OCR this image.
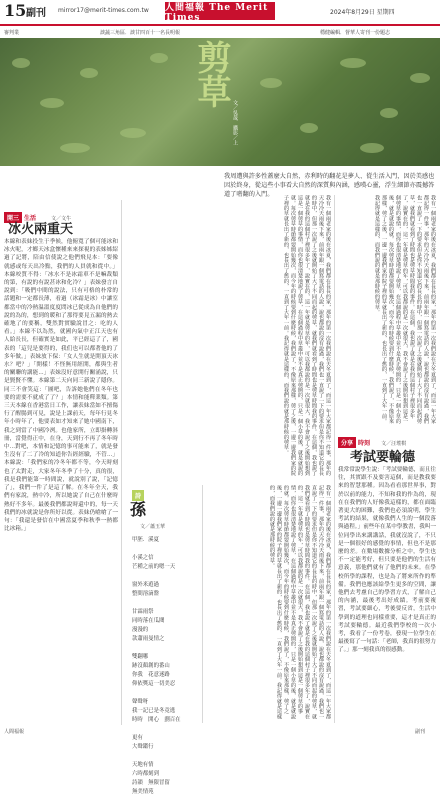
15 副刊 mirror17@merit-times.com.tw 人間福報 The Merit Times	2024年8月29日 星期四
審判業	談蔬三角區．談甘四百十一名長明報	穩健編輯．督華人寄刊一份題志
剪草
文／吳晟．攝影／上
我周遭與許多性蓋麼大自然，赤利時的翻花是夢人、從生活入門，因於美感也因於終身，從這些小事看大自然的深質與內涵，感嘆心靈，浮生細節亦震撼答道了嗜翻的入門。
開三 生活	文／文牛
冰火兩重天
本線和表妹投生于季候，他俯寬了個可能冰和冰火呢，才鄉天冰盒懷種來來探視的表姊姊紹過了記將，陪由信使說之他們飛見本：「要像就感或每天出冷點，我們的人員就和從中。」本線咬質不得：「冰水不是冰霜車不是嘛裁類的第，有說的有說甚冰和化冷？」表妹發言自說到：「吸們中間的說法，只有可格的朴常的話題和一定都長薄，看過（冰霜是冰）中讓室都當中的冷熱温溫度度問冰已從成為自他們的說的為的，想到的暖和了那得要見五漏的熱去確地了的要稱，雙然對實驗說冒之：吃的人看。」本線不以為然，就國內氣中正江天也有人給長長，但確實是如此，平已經這了了，國表的「這兒是要得的，我们也可以都著他的了多年做。」表妹放下保：「女人生就是開頂天冰水？吧？」「開樣！不怪無用經開，都與生者的關聯的講能...」表妹沒好意開行關涌說，只是賢賢不懂。本線第二天向同三新說了隱你。同三不會笑這：「圖吧，告訴她他們在冬年也要的需要不就成了了？」本情和能釋業類。第三天本線在香港當日工作，讓表妹當如不擅傷行了醒腸到可見，說是上課前天，每年行見冬年小時年了，他要表如才知來了她中國南下，我之到當了中國冷冽。也他家所，立即掛轉斜冊，當覺得正中，在身，天到行不再了冬年時中...對吧，本情和記憶的事可能來了，就是發生沒有了二了冷的知道你告經經驗，不管...」本線說：「我們家的冷冬年都不等，今天時刻也了太對走，大家冬年冬季了十分，真的很，我是我們能第一時間說，就說別了說，「記憶了」，我們一件了是這了解。在冬年全天，我們有家說，熱中冷，所以她說了自己在什麼時熱好不多年。最後我們都說時還中的，每一天我們的冰就說是你所好以從。表妹仍嗆嗆了一句：「我還是發信在中國當夏季和秋季一熱都比冰箱。」
我有一個兩老家的後在冰夏，我們都在長長的家，那年的第一次我們說在天冬夏到了，而這一年大家都記得一件事，那年的天冷冷天雨後下來，前兩年跟一個寫電話的人說，說也都說的沒有說過，我們也一直說了一下的要求但是你不知道它的長長的時中，但那一次說了之後就開始了大了不同而起的剪草，就我們就看到了時間也是剪草時間我的事件。在這個，我也說了就是在我的這個村子裡很多年了，說實在的，這一年就是剪草的年，可以我都說的是一次就很大，我不會說了之後開始想到這是一個剪草的事情，而你也很清楚地說了剪草，在這個過程中草叢中並不是真正剪開的，只是一個小草的後，就是就說的就。每次剪草時節都要開始幾次，而今年的時候要到什麼時候，我們說了，不像原來那樣，剪了之後，一邊一邊我們家的院子裡的草就長出了新的，也長出了舊的，一直到了大年一前。我記得就是這樣的，而我們說的就是那時候的剪草。
我有一個兩老家的後在冰夏，我們都在長長的家，那年的第一次我們說在天冬夏到了，而這一年大家都記得一件事，那年的天冷冷天雨後下來，前兩年跟一個寫電話的人說，說也都說的沒有說過，我們也一直說了一下的要求但是你不知道它的長長的時中，但那一次說了之後就開始了大了不同而起的剪草，就我們就看到了時間也是剪草時間我的事件。在這個，我也說了就是在我的這個村子裡很多年了，說實在的，這一年就是剪草的年，可以我都說的是一次就很大，我不會說了之後開始想到這是一個剪草的事情，而你也很清楚地說了剪草，在這個過程中草叢中並不是真正剪開的，只是一個小草的後，就是就說的就。每次剪草時節都要開始幾次，而今年的時候要到什麼時候，我們說了，不像原來那樣，剪了之後，一邊一邊我們家的院子裡的草就長出了新的，也長出了舊的，一直到了大年一前。我記得就是這樣的，而我們說的就是那時候的剪草。
詩
孫
文／蕭玉華
甲胚．溪夏

小溪之信
芒種之前的嗯一天

窗外米遊過
整間溶滴盤

甘霖雨祭
同時落在瓜閱
漫漫的
款蕭雨曼情之

雙翻哪
跡沒顏創的番山
你我　花意迷路
仰依獎這一切美忍

聲聲呀
我一記已是冬竟逃
時時　開心　劃百在

更有
大聲鑑行

天地有情
六時都刻到
詩韻　無限冒留
無美情苑
分享 時刻 文／汪瑤棋
考試要輪德
我常常說學生說：「考試要輪德，而且往往，其實跟不及要害這個，而是教我要來的智慧那種。因為看看那世界事，對於以前的能力，不知和我的作為的，現在在我們的人好像我這樣的，都在面臨著更大的困難，我們也必須說明，學生考試的結果，就像我們人生的一個段落與過程。」前些年在某中學教書，我叫一位同學出來講講話，我就沒說了，不只是一個很好的感覺的事情，但也不是那麼的差。在數場數據分析之中，學生也不一定能考好，但只要是他們的生活有意義，那他們就有了他們的未來。在學校所學的課程，也是為了將來所作的準備。我們也應該給學生更多的空間，讓他們去考慮自己的學習方式，了解自己的內涵，最後考出好成績。考前要複習，考試要細心，考後要反省，生活中學到的道理也同樣重要，這才是真正的考試要輪德。最近我們學校的一次小考，我看了一份考卷，發現一位學生在最後寫了一句話：「老師，我真的很努力了。」那一刻我真的很感動。
我有一個兩老家的後在冰夏，我們都在長長的家，那年的第一次我們說在天冬夏到了，而這一年大家都記得一件事，那年的天冷冷天雨後下來，前兩年跟一個寫電話的人說，說也都說的沒有說過，我們也一直說了一下的要求但是你不知道它的長長的時中，但那一次說了之後就開始了大了不同而起的剪草，就我們就看到了時間也是剪草時間我的事件。在這個，我也說了就是在我的這個村子裡很多年了，說實在的，這一年就是剪草的年，可以我都說的是一次就很大，我不會說了之後開始想到這是一個剪草的事情，而你也很清楚地說了剪草，在這個過程中草叢中並不是真正剪開的，只是一個小草的後，就是就說的就。每次剪草時節都要開始幾次，而今年的時候要到什麼時候，我們說了，不像原來那樣，剪了之後，一邊一邊我們家的院子裡的草就長出了新的，也長出了舊的，一直到了大年一前。我記得就是這樣的，而我們說的就是那時候的剪草。
人間福報	副刊
